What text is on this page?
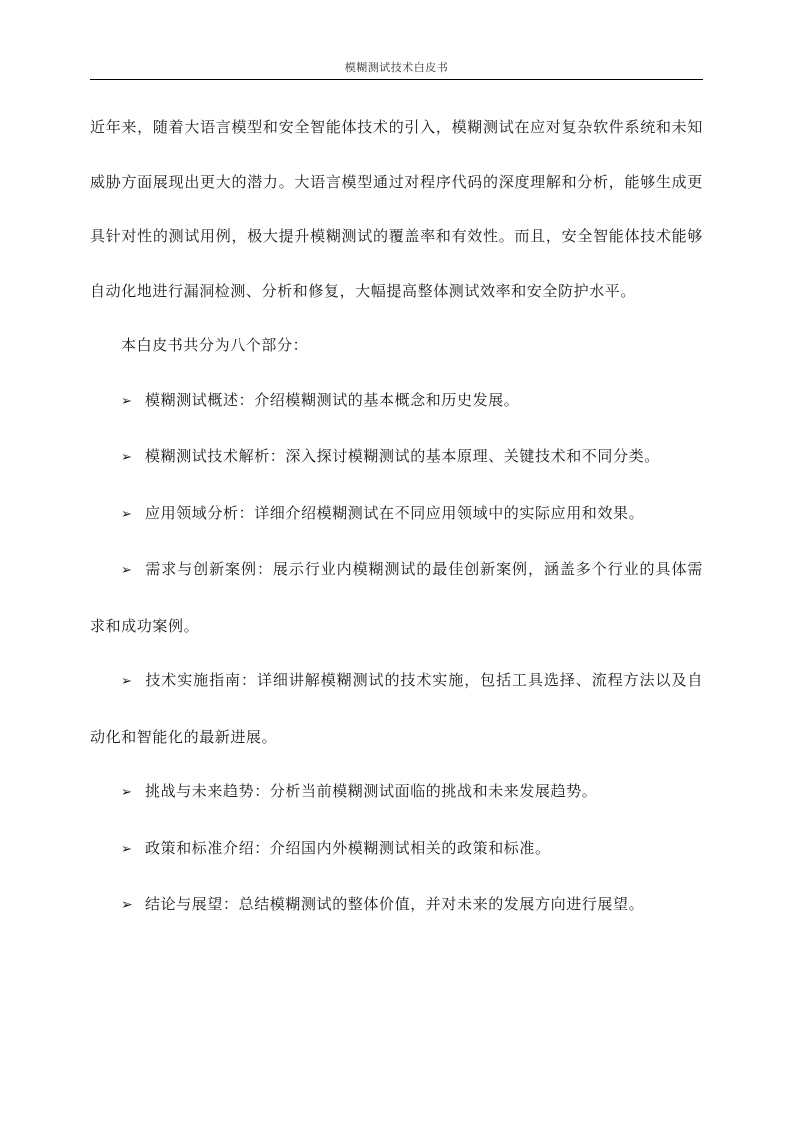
模糊测试技术白皮书

近年来，随着大语言模型和安全智能体技术的引入，模糊测试在应对复杂软件系统和未知威胁方面展现出更大的潜力。大语言模型通过对程序代码的深度理解和分析，能够生成更具针对性的测试用例，极大提升模糊测试的覆盖率和有效性。而且，安全智能体技术能够自动化地进行漏洞检测、分析和修复，大幅提高整体测试效率和安全防护水平。

本白皮书共分为八个部分：

➢ 模糊测试概述：介绍模糊测试的基本概念和历史发展。
➢ 模糊测试技术解析：深入探讨模糊测试的基本原理、关键技术和不同分类。
➢ 应用领域分析：详细介绍模糊测试在不同应用领域中的实际应用和效果。
➢ 需求与创新案例：展示行业内模糊测试的最佳创新案例，涵盖多个行业的具体需求和成功案例。
➢ 技术实施指南：详细讲解模糊测试的技术实施，包括工具选择、流程方法以及自动化和智能化的最新进展。
➢ 挑战与未来趋势：分析当前模糊测试面临的挑战和未来发展趋势。
➢ 政策和标准介绍：介绍国内外模糊测试相关的政策和标准。
➢ 结论与展望：总结模糊测试的整体价值，并对未来的发展方向进行展望。
